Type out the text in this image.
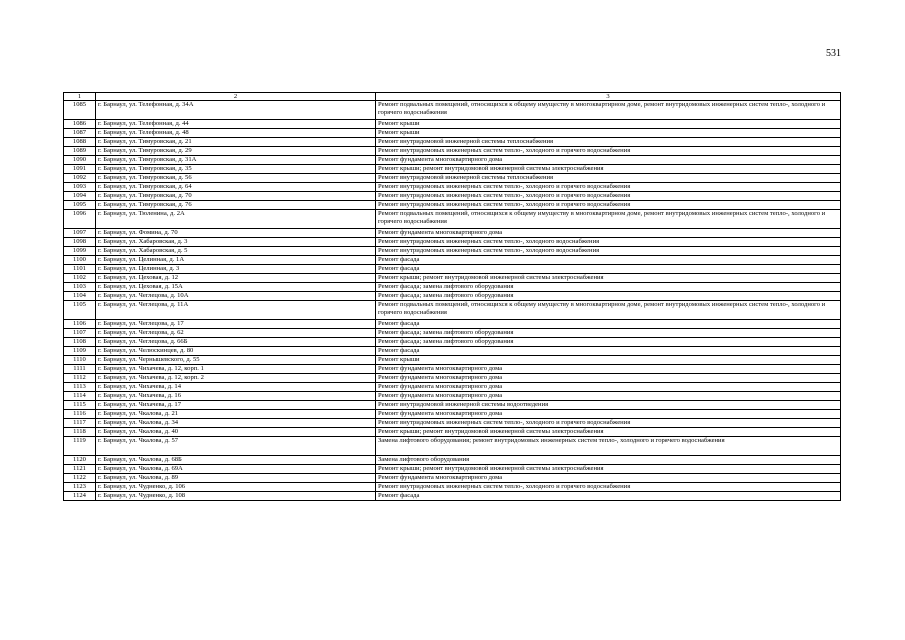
531
1	2	3
1085	г. Барнаул, ул. Телефонная, д. 34А	Ремонт подвальных помещений, относящихся к общему имуществу в многоквартирном доме, ремонт внутридомовых инженерных систем тепло-, холодного и горячего водоснабжения
1086	г. Барнаул, ул. Телефонная, д. 44	Ремонт крыши
1087	г. Барнаул, ул. Телефонная, д. 48	Ремонт крыши
1088	г. Барнаул, ул. Тимуровская, д. 21	Ремонт внутридомовой инженерной системы теплоснабжения
1089	г. Барнаул, ул. Тимуровская, д. 29	Ремонт внутридомовых инженерных систем тепло-, холодного и горячего водоснабжения
1090	г. Барнаул, ул. Тимуровская, д. 31А	Ремонт фундамента многоквартирного дома
1091	г. Барнаул, ул. Тимуровская, д. 35	Ремонт крыши; ремонт внутридомовой инженерной системы электроснабжения
1092	г. Барнаул, ул. Тимуровская, д. 56	Ремонт внутридомовой инженерной системы теплоснабжения
1093	г. Барнаул, ул. Тимуровская, д. 64	Ремонт внутридомовых инженерных систем тепло-, холодного и горячего водоснабжения
1094	г. Барнаул, ул. Тимуровская, д. 70	Ремонт внутридомовых инженерных систем тепло-, холодного и горячего водоснабжения
1095	г. Барнаул, ул. Тимуровская, д. 76	Ремонт внутридомовых инженерных систем тепло-, холодного и горячего водоснабжения
1096	г. Барнаул, ул. Тюленина, д. 2А	Ремонт подвальных помещений, относящихся к общему имуществу в многоквартирном доме, ремонт внутридомовых инженерных систем тепло-, холодного и горячего водоснабжения
1097	г. Барнаул, ул. Фомина, д. 70	Ремонт фундамента многоквартирного дома
1098	г. Барнаул, ул. Хабаровская, д. 3	Ремонт внутридомовых инженерных систем тепло-, холодного водоснабжения
1099	г. Барнаул, ул. Хабаровская, д. 5	Ремонт внутридомовых инженерных систем тепло-, холодного водоснабжения
1100	г. Барнаул, ул. Целинная, д. 1А	Ремонт фасада
1101	г. Барнаул, ул. Целинная, д. 3	Ремонт фасада
1102	г. Барнаул, ул. Цеховая, д. 12	Ремонт крыши; ремонт внутридомовой инженерной системы электроснабжения
1103	г. Барнаул, ул. Цеховая, д. 15А	Ремонт фасада; замена лифтового оборудования
1104	г. Барнаул, ул. Чеглецова, д. 10А	Ремонт фасада; замена лифтового оборудования
1105	г. Барнаул, ул. Чеглецова, д. 11А	Ремонт подвальных помещений, относящихся к общему имуществу в многоквартирном доме, ремонт внутридомовых инженерных систем тепло-, холодного и горячего водоснабжения
1106	г. Барнаул, ул. Чеглецова, д. 17	Ремонт фасада
1107	г. Барнаул, ул. Чеглецова, д. 62	Ремонт фасада; замена лифтового оборудования
1108	г. Барнаул, ул. Чеглецова, д. 66Б	Ремонт фасада; замена лифтового оборудования
1109	г. Барнаул, ул. Челюскинцев, д. 80	Ремонт фасада
1110	г. Барнаул, ул. Чернышевского, д. 55	Ремонт крыши
1111	г. Барнаул, ул. Чихачева, д. 12, корп. 1	Ремонт фундамента многоквартирного дома
1112	г. Барнаул, ул. Чихачева, д. 12, корп. 2	Ремонт фундамента многоквартирного дома
1113	г. Барнаул, ул. Чихачева, д. 14	Ремонт фундамента многоквартирного дома
1114	г. Барнаул, ул. Чихачева, д. 16	Ремонт фундамента многоквартирного дома
1115	г. Барнаул, ул. Чихачева, д. 17	Ремонт внутридомовой инженерной системы водоотведения
1116	г. Барнаул, ул. Чкалова, д. 21	Ремонт фундамента многоквартирного дома
1117	г. Барнаул, ул. Чкалова, д. 34	Ремонт внутридомовых инженерных систем тепло-, холодного и горячего водоснабжения
1118	г. Барнаул, ул. Чкалова, д. 40	Ремонт крыши; ремонт внутридомовой инженерной системы электроснабжения
1119	г. Барнаул, ул. Чкалова, д. 57	Замена лифтового оборудования; ремонт внутридомовых инженерных систем тепло-, холодного и горячего водоснабжения
1120	г. Барнаул, ул. Чкалова, д. 68Б	Замена лифтового оборудования
1121	г. Барнаул, ул. Чкалова, д. 69А	Ремонт крыши; ремонт внутридомовой инженерной системы электроснабжения
1122	г. Барнаул, ул. Чкалова, д. 89	Ремонт фундамента многоквартирного дома
1123	г. Барнаул, ул. Чудненко, д. 106	Ремонт внутридомовых инженерных систем тепло-, холодного и горячего водоснабжения
1124	г. Барнаул, ул. Чудненко, д. 108	Ремонт фасада
